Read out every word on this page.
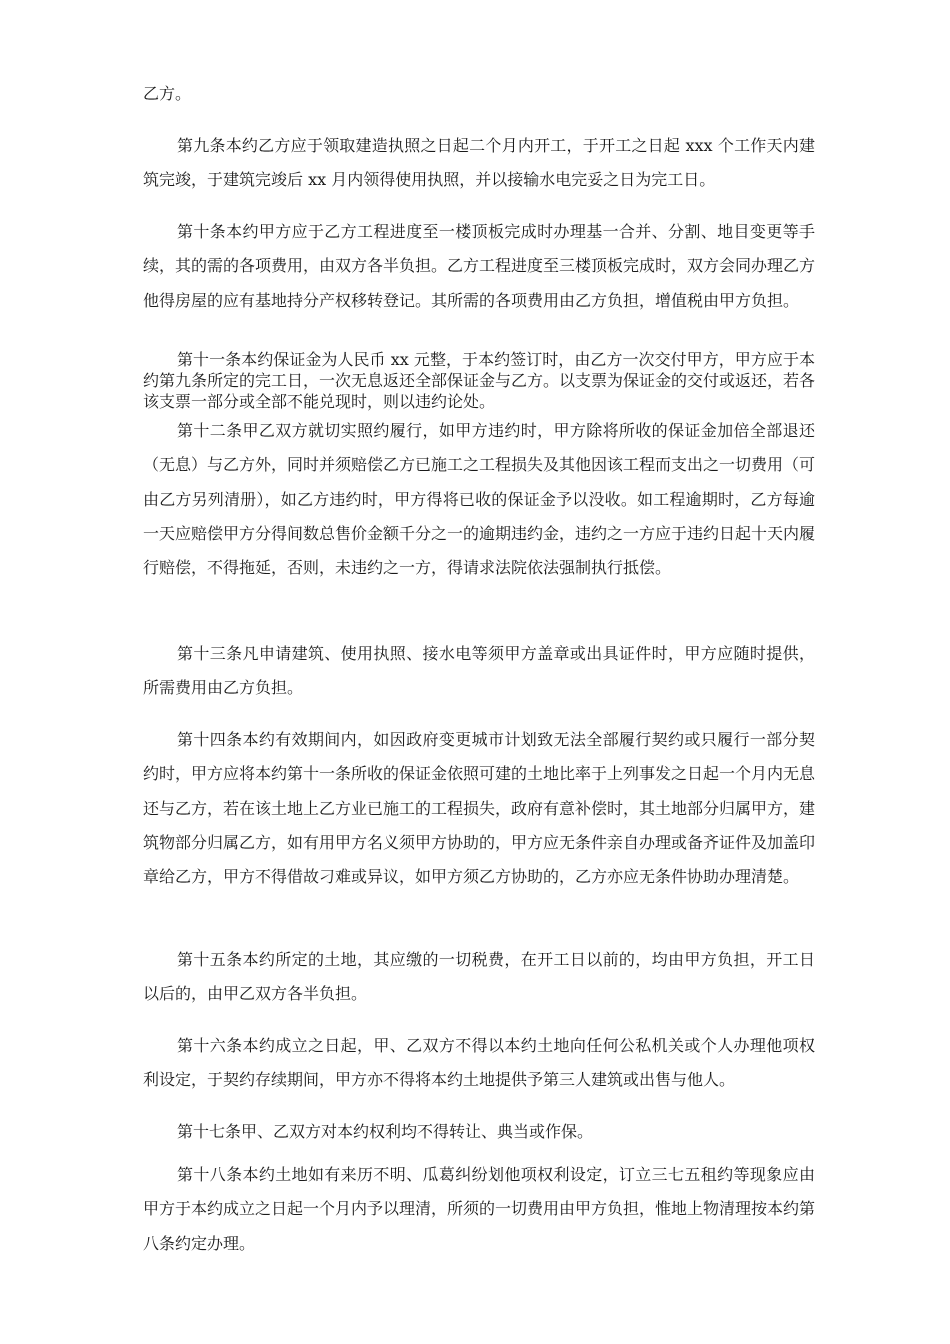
乙方。

第九条本约乙方应于领取建造执照之日起二个月内开工，于开工之日起 xxx 个工作天内建筑完竣，于建筑完竣后 xx 月内领得使用执照，并以接输水电完妥之日为完工日。

第十条本约甲方应于乙方工程进度至一楼顶板完成时办理基一合并、分割、地目变更等手续，其的需的各项费用，由双方各半负担。乙方工程进度至三楼顶板完成时，双方会同办理乙方他得房屋的应有基地持分产权移转登记。其所需的各项费用由乙方负担，增值税由甲方负担。

第十一条本约保证金为人民币 xx 元整，于本约签订时，由乙方一次交付甲方，甲方应于本约第九条所定的完工日，一次无息返还全部保证金与乙方。以支票为保证金的交付或返还，若各该支票一部分或全部不能兑现时，则以违约论处。

第十二条甲乙双方就切实照约履行，如甲方违约时，甲方除将所收的保证金加倍全部退还（无息）与乙方外，同时并须赔偿乙方已施工之工程损失及其他因该工程而支出之一切费用（可由乙方另列清册），如乙方违约时，甲方得将已收的保证金予以没收。如工程逾期时，乙方每逾一天应赔偿甲方分得间数总售价金额千分之一的逾期违约金，违约之一方应于违约日起十天内履行赔偿，不得拖延，否则，未违约之一方，得请求法院依法强制执行抵偿。

第十三条凡申请建筑、使用执照、接水电等须甲方盖章或出具证件时，甲方应随时提供，所需费用由乙方负担。

第十四条本约有效期间内，如因政府变更城市计划致无法全部履行契约或只履行一部分契约时，甲方应将本约第十一条所收的保证金依照可建的土地比率于上列事发之日起一个月内无息还与乙方，若在该土地上乙方业已施工的工程损失，政府有意补偿时，其土地部分归属甲方，建筑物部分归属乙方，如有用甲方名义须甲方协助的，甲方应无条件亲自办理或备齐证件及加盖印章给乙方，甲方不得借故刁难或异议，如甲方须乙方协助的，乙方亦应无条件协助办理清楚。

第十五条本约所定的土地，其应缴的一切税费，在开工日以前的，均由甲方负担，开工日以后的，由甲乙双方各半负担。

第十六条本约成立之日起，甲、乙双方不得以本约土地向任何公私机关或个人办理他项权利设定，于契约存续期间，甲方亦不得将本约土地提供予第三人建筑或出售与他人。

第十七条甲、乙双方对本约权利均不得转让、典当或作保。

第十八条本约土地如有来历不明、瓜葛纠纷划他项权利设定，订立三七五租约等现象应由甲方于本约成立之日起一个月内予以理清，所须的一切费用由甲方负担，惟地上物清理按本约第八条约定办理。
